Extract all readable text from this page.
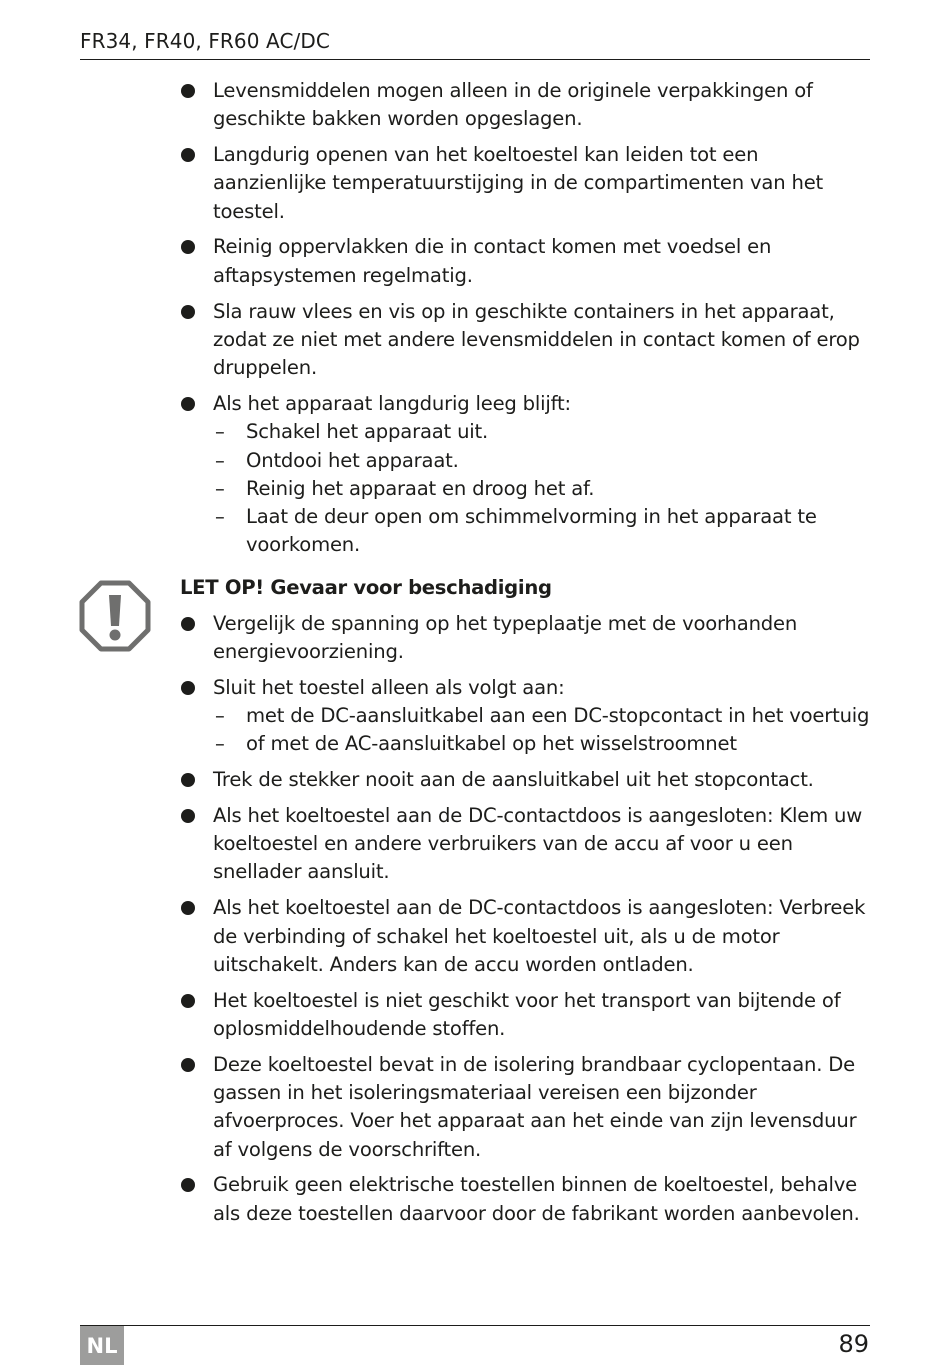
FR34, FR40, FR60 AC/DC
Levensmiddelen mogen alleen in de originele verpakkingen of geschikte bakken worden opgeslagen.
Langdurig openen van het koeltoestel kan leiden tot een aanzienlijke temperatuurstijging in de compartimenten van het toestel.
Reinig oppervlakken die in contact komen met voedsel en aftapsystemen regelmatig.
Sla rauw vlees en vis op in geschikte containers in het apparaat, zodat ze niet met andere levensmiddelen in contact komen of erop druppelen.
Als het apparaat langdurig leeg blijft:
– Schakel het apparaat uit.
– Ontdooi het apparaat.
– Reinig het apparaat en droog het af.
– Laat de deur open om schimmelvorming in het apparaat te voorkomen.
LET OP! Gevaar voor beschadiging
Vergelijk de spanning op het typeplaatje met de voorhanden energievoorziening.
Sluit het toestel alleen als volgt aan:
– met de DC-aansluitkabel aan een DC-stopcontact in het voertuig
– of met de AC-aansluitkabel op het wisselstroomnet
Trek de stekker nooit aan de aansluitkabel uit het stopcontact.
Als het koeltoestel aan de DC-contactdoos is aangesloten: Klem uw koeltoestel en andere verbruikers van de accu af voor u een snellader aansluit.
Als het koeltoestel aan de DC-contactdoos is aangesloten: Verbreek de verbinding of schakel het koeltoestel uit, als u de motor uitschakelt. Anders kan de accu worden ontladen.
Het koeltoestel is niet geschikt voor het transport van bijtende of oplosmiddelhoudende stoffen.
Deze koeltoestel bevat in de isolering brandbaar cyclopentaan. De gassen in het isoleringsmateriaal vereisen een bijzonder afvoerproces. Voer het apparaat aan het einde van zijn levensduur af volgens de voorschriften.
Gebruik geen elektrische toestellen binnen de koeltoestel, behalve als deze toestellen daarvoor door de fabrikant worden aanbevolen.
NL	89
